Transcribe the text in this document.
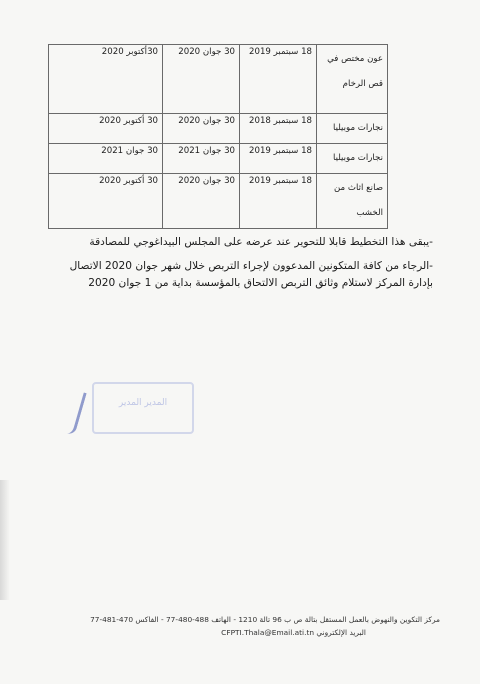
عون مختص في
قص الرخام	18 سبتمبر 2019	30 جوان 2020	30أكتوبر 2020

نجارات موبيليا	18 سبتمبر 2018	30 جوان 2020	30 أكتوبر 2020

نجارات موبيليا	18 سبتمبر 2019	30 جوان 2021	30 جوان 2021

صانع اثاث من
الخشب	18 سبتمبر 2019	30 جوان 2020	30 أكتوبر 2020

-يبقى هذا التخطيط قابلا للتحوير عند عرضه على المجلس البيداغوجي للمصادقة

-الرجاء من كافة المتكونين المدعوون لإجراء التربص خلال شهر جوان 2020 الاتصال

بإدارة المركز لاستلام وثائق التربص الالتحاق بالمؤسسة بداية من 1 جوان 2020

المدير المدير
مركز التكوين والنهوض بالعمل المستقل بتالة ص ب 96 تالة 1210 - الهاتف 488-480-77 - الفاكس 470-481-77
البريد الإلكتروني CFPTI.Thala@Email.ati.tn
